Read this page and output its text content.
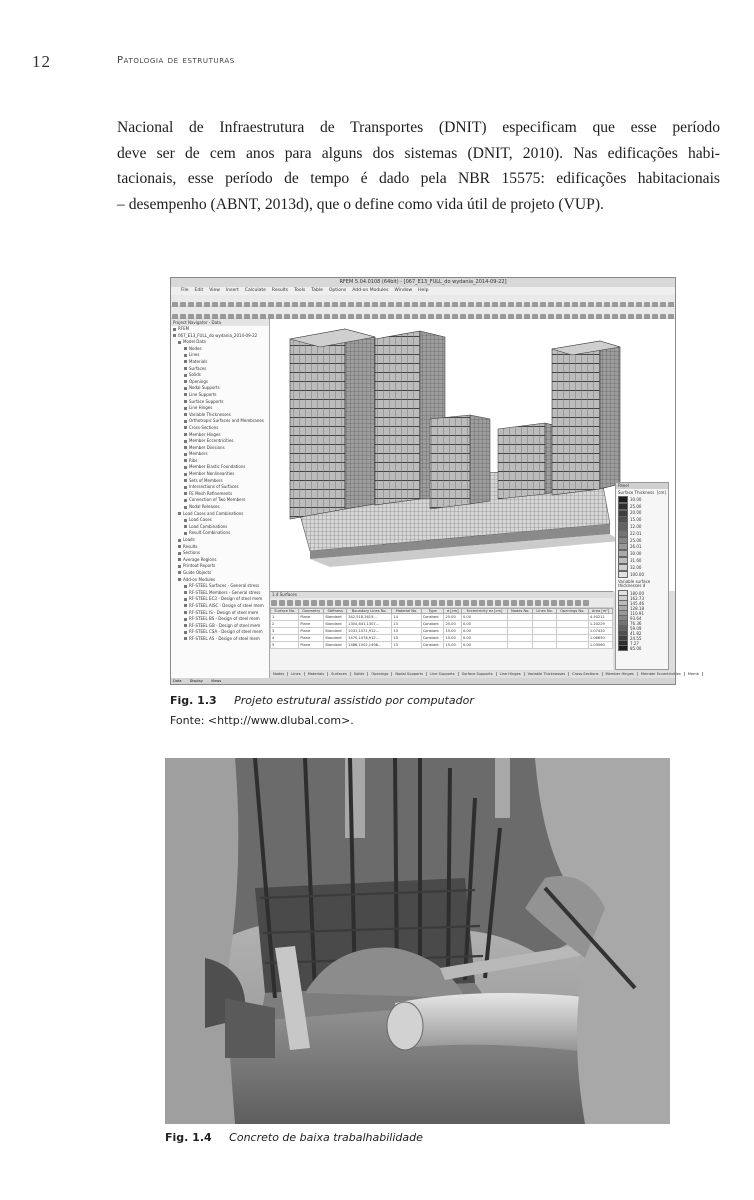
12	Patologia de estruturas
Nacional de Infraestrutura de Transportes (DNIT) especificam que esse período
deve ser de cem anos para alguns dos sistemas (DNIT, 2010). Nas edificações habi-
tacionais, esse período de tempo é dado pela NBR 15575: edificações habitacionais
– desempenho (ABNT, 2013d), que o define como vida útil de projeto (VUP).
RFEM 5.04.0108 (64bit) - [067_E13_FULL_do wydania_2014-09-22]
File Edit View Insert Calculate Results Tools Table Options Add-on Modules Window Help
Project Navigator - Data
RFEM
067_E13_FULL_do wydania_2014-09-22
Model Data
Nodes
Lines
Materials
Surfaces
Solids
Openings
Nodal Supports
Line Supports
Surface Supports
Line Hinges
Variable Thicknesses
Orthotropic Surfaces and Membranes
Cross-Sections
Member Hinges
Member Eccentricities
Member Divisions
Members
Ribs
Member Elastic Foundations
Member Nonlinearities
Sets of Members
Intersections of Surfaces
FE Mesh Refinements
Connection of Two Members
Nodal Releases
Load Cases and Combinations
Load Cases
Load Combinations
Result Combinations
Loads
Results
Sections
Average Regions
Printout Reports
Guide Objects
Add-on Modules
RF-STEEL Surfaces - General stress
RF-STEEL Members - General stress
RF-STEEL EC3 - Design of steel mem
RF-STEEL AISC - Design of steel mem
RF-STEEL IS - Design of steel mem
RF-STEEL BS - Design of steel mem
RF-STEEL GB - Design of steel mem
RF-STEEL CSA - Design of steel mem
RF-STEEL AS - Design of steel mem
Panel
Surface Thickness [cm]
30.00
25.00
20.00
15.00
12.00
22.01
25.00
26.01
30.00
31.60
32.00
100.00
Variable surface thicknesses d
180.00
162.73
145.46
128.18
110.91
93.64
76.36
59.09
41.82
24.55
7.27
85.00
1.4 Surfaces
Surface No.	Geometry	Stiffness	Boundary Lines No.	Material No.	Type	d [cm]	Eccentricity ez [cm]	Nodes No.	Lines No.	Openings No.	Area [m²]
1	Plane	Standard	342,518,2619...	14	Constant	25.00	0.00				4.50211
2	Plane	Standard	1304,641,1307...	13	Constant	25.00	0.00				1.20229
3	Plane	Standard	1031,1471,912...	13	Constant	15.00	0.00				1.07420
4	Plane	Standard	1470,1478,912...	13	Constant	15.00	0.00				1.06650
5	Plane	Standard	1486,1502,1498...	13	Constant	15.00	0.00				1.03060
Nodes Lines Materials Surfaces Solids Openings Nodal Supports Line Supports Surface Supports Line Hinges Variable Thicknesses Cross-Sections Member Hinges Member Eccentricities Memb
Data Display Views
Fig. 1.3 Projeto estrutural assistido por computador
Fonte: <http://www.dlubal.com>.
Fig. 1.4 Concreto de baixa trabalhabilidade
